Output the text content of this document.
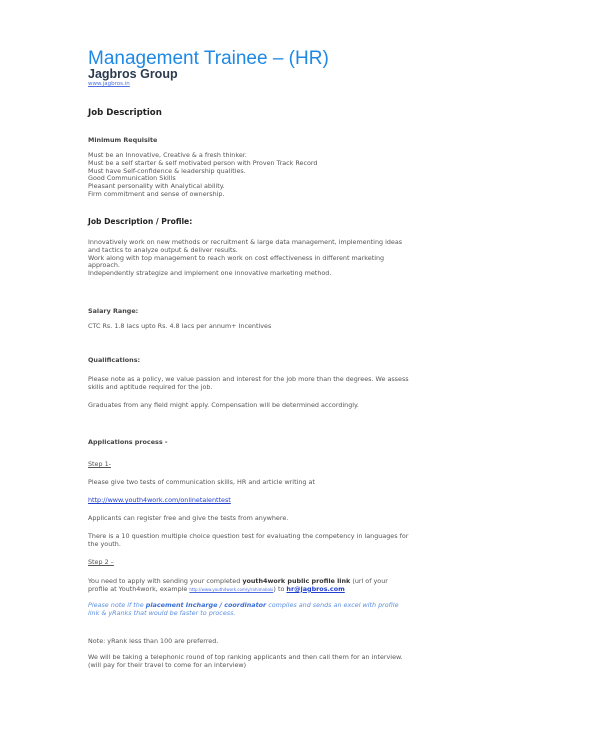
Management Trainee – (HR)
Jagbros Group
www.jagbros.in
Job Description
Minimum Requisite
Must be an Innovative, Creative & a fresh thinker.
Must be a self starter & self motivated person with Proven Track Record
Must have Self-confidence & leadership qualities.
Good Communication Skills
Pleasant personality with Analytical ability.
Firm commitment and sense of ownership.
Job Description / Profile:
Innovatively work on new methods or recruitment & large data management, implementing ideas and tactics to analyze output & deliver results.
Work along with top management to reach work on cost effectiveness in different marketing approach.
Independently strategize and implement one innovative marketing method.
Salary Range:
CTC Rs. 1.8 lacs upto Rs. 4.8 lacs per annum+ Incentives
Qualifications:
Please note as a policy, we value passion and interest for the job more than the degrees. We assess skills and aptitude required for the job.
Graduates from any field might apply. Compensation will be determined accordingly.
Applications process -
Step 1-
Please give two tests of communication skills, HR and article writing at
http://www.youth4work.com/onlinetalenttest
Applicants can register free and give the tests from anywhere.
There is a 10 question multiple choice question test for evaluating the competency in languages for the youth.
Step 2 –
You need to apply with sending your completed youth4work public profile link (url of your profile at Youth4work, example http://www.youth4work.com/y/rahimabaki) to hr@jagbros.com
Please note if the placement Incharge / coordinator compiles and sends an excel with profile link & yRanks that would be faster to process.
Note: yRank less than 100 are preferred.
We will be taking a telephonic round of top ranking applicants and then call them for an interview. (will pay for their travel to come for an interview)
